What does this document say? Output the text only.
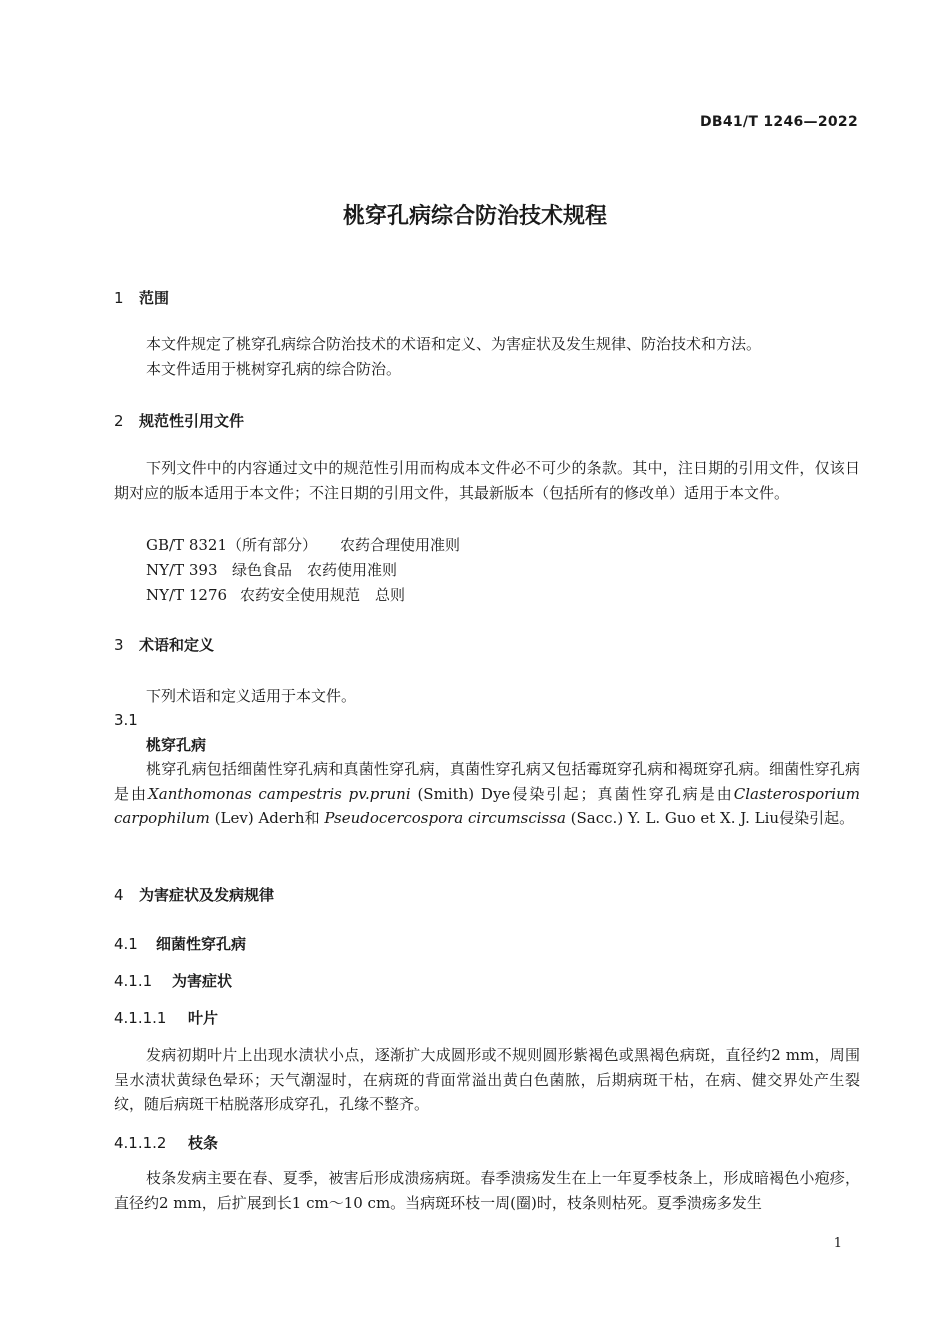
DB41/T 1246—2022
桃穿孔病综合防治技术规程
1 范围
本文件规定了桃穿孔病综合防治技术的术语和定义、为害症状及发生规律、防治技术和方法。
本文件适用于桃树穿孔病的综合防治。
2 规范性引用文件
下列文件中的内容通过文中的规范性引用而构成本文件必不可少的条款。其中，注日期的引用文件，仅该日期对应的版本适用于本文件；不注日期的引用文件，其最新版本（包括所有的修改单）适用于本文件。
GB/T 8321（所有部分） 农药合理使用准则
NY/T 393 绿色食品　农药使用准则
NY/T 1276 农药安全使用规范　总则
3 术语和定义
下列术语和定义适用于本文件。
3.1
桃穿孔病
桃穿孔病包括细菌性穿孔病和真菌性穿孔病，真菌性穿孔病又包括霉斑穿孔病和褐斑穿孔病。细菌性穿孔病是由Xanthomonas campestris pv.pruni (Smith) Dye侵染引起；真菌性穿孔病是由Clasterosporium carpophilum (Lev) Aderh和 Pseudocercospora circumscissa (Sacc.) Y. L. Guo et X. J. Liu侵染引起。
4 为害症状及发病规律
4.1 细菌性穿孔病
4.1.1 为害症状
4.1.1.1 叶片
发病初期叶片上出现水渍状小点，逐渐扩大成圆形或不规则圆形紫褐色或黑褐色病斑，直径约2 mm，周围呈水渍状黄绿色晕环；天气潮湿时，在病斑的背面常溢出黄白色菌脓，后期病斑干枯，在病、健交界处产生裂纹，随后病斑干枯脱落形成穿孔，孔缘不整齐。
4.1.1.2 枝条
枝条发病主要在春、夏季，被害后形成溃疡病斑。春季溃疡发生在上一年夏季枝条上，形成暗褐色小疱疹，直径约2 mm，后扩展到长1 cm～10 cm。当病斑环枝一周(圈)时，枝条则枯死。夏季溃疡多发生
1
